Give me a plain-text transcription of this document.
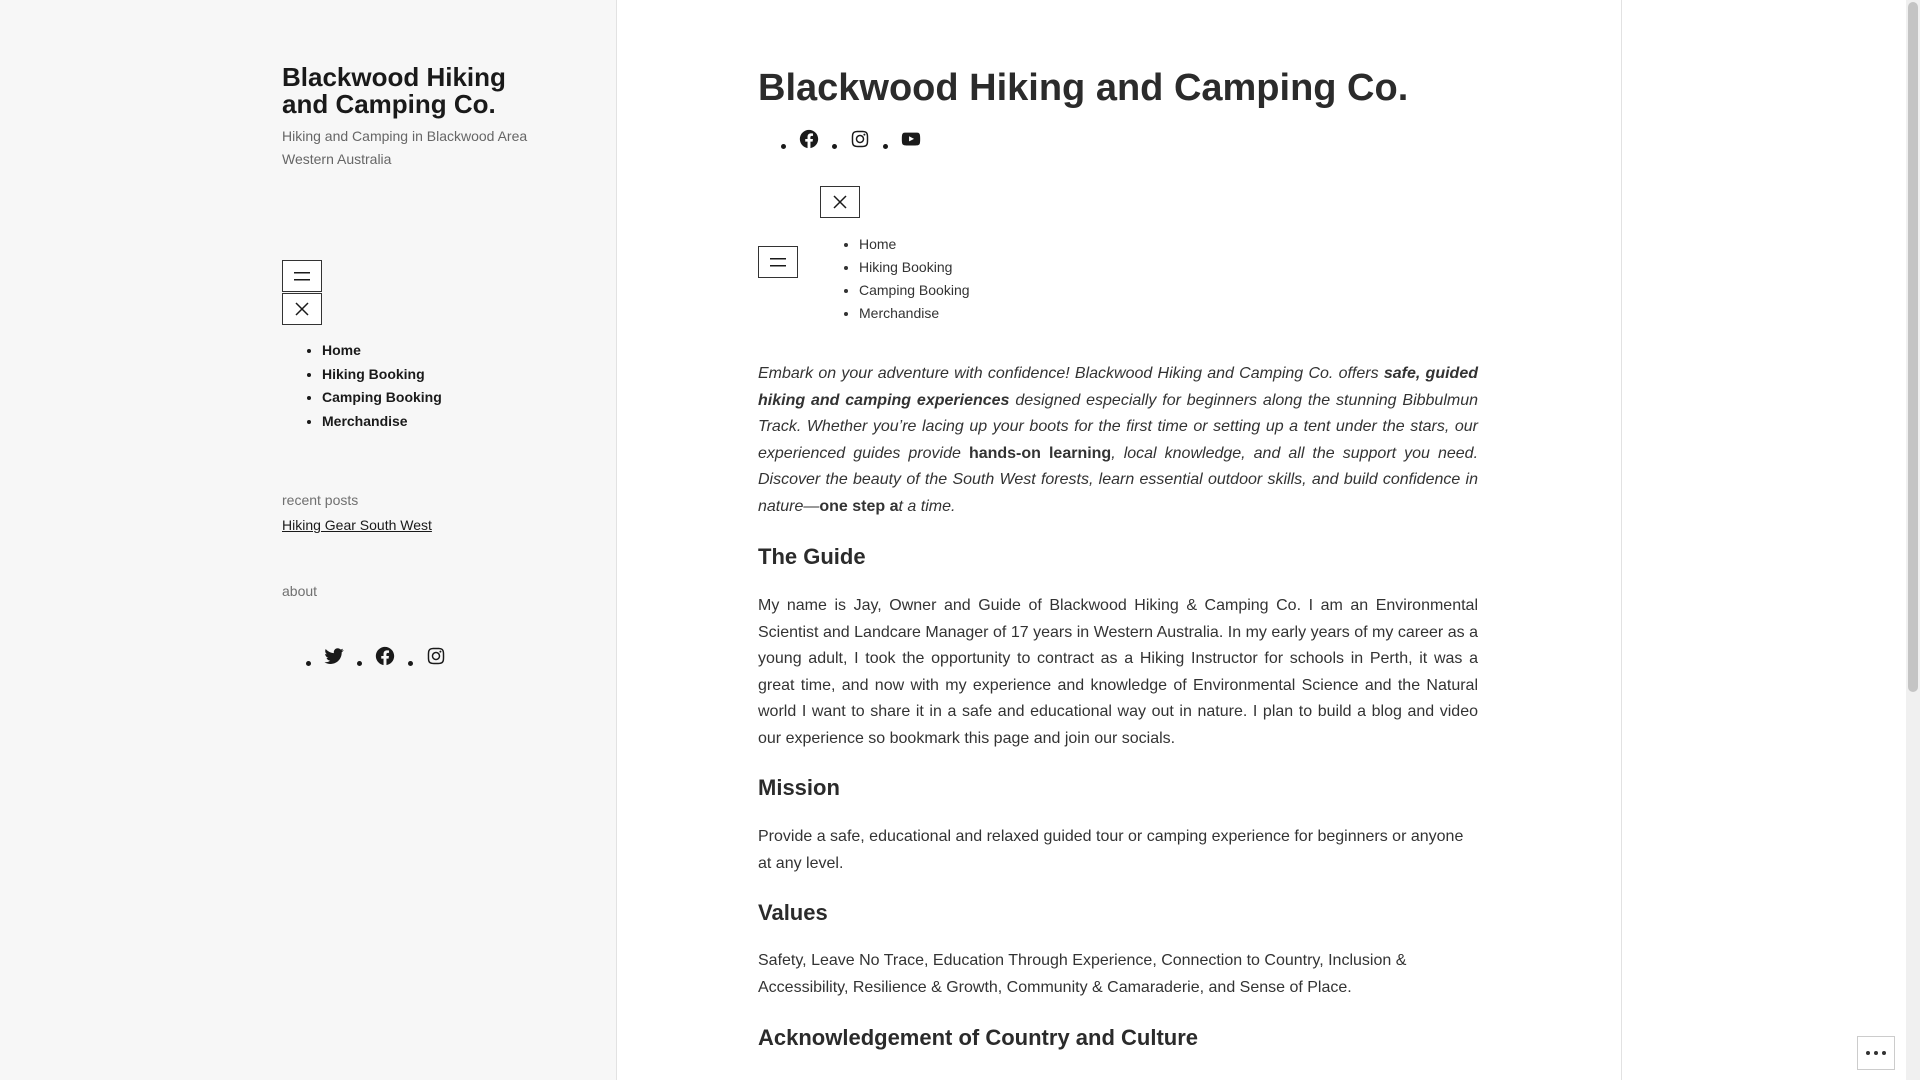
Blackwood Hiking and Camping Co.
Hiking and Camping in Blackwood Area Western Australia
• Home
• Hiking Booking
• Camping Booking
• Merchandise
recent posts
Hiking Gear South West
about
Blackwood Hiking and Camping Co.
• Home
• Hiking Booking
• Camping Booking
• Merchandise

Embark on your adventure with confidence! Blackwood Hiking and Camping Co. offers safe, guided hiking and camping experiences designed especially for beginners along the stunning Bibbulmun Track. Whether you’re lacing up your boots for the first time or setting up a tent under the stars, our experienced guides provide hands-on learning, local knowledge, and all the support you need. Discover the beauty of the South West forests, learn essential outdoor skills, and build confidence in nature—one step at a time.

The Guide

My name is Jay, Owner and Guide of Blackwood Hiking & Camping Co. I am an Environmental Scientist and Landcare Manager of 17 years in Western Australia. In my early years of my career as a young adult, I took the opportunity to contract as a Hiking Instructor for schools in Perth, it was a great time, and now with my experience and knowledge of Environmental Science and the Natural world I want to share it in a safe and educational way out in nature. I plan to build a blog and video our experience so bookmark this page and join our socials.

Mission

Provide a safe, educational and relaxed guided tour or camping experience for beginners or anyone at any level.

Values

Safety, Leave No Trace, Education Through Experience, Connection to Country, Inclusion & Accessibility, Resilience & Growth, Community & Camaraderie, and Sense of Place.

Acknowledgement of Country and Culture
